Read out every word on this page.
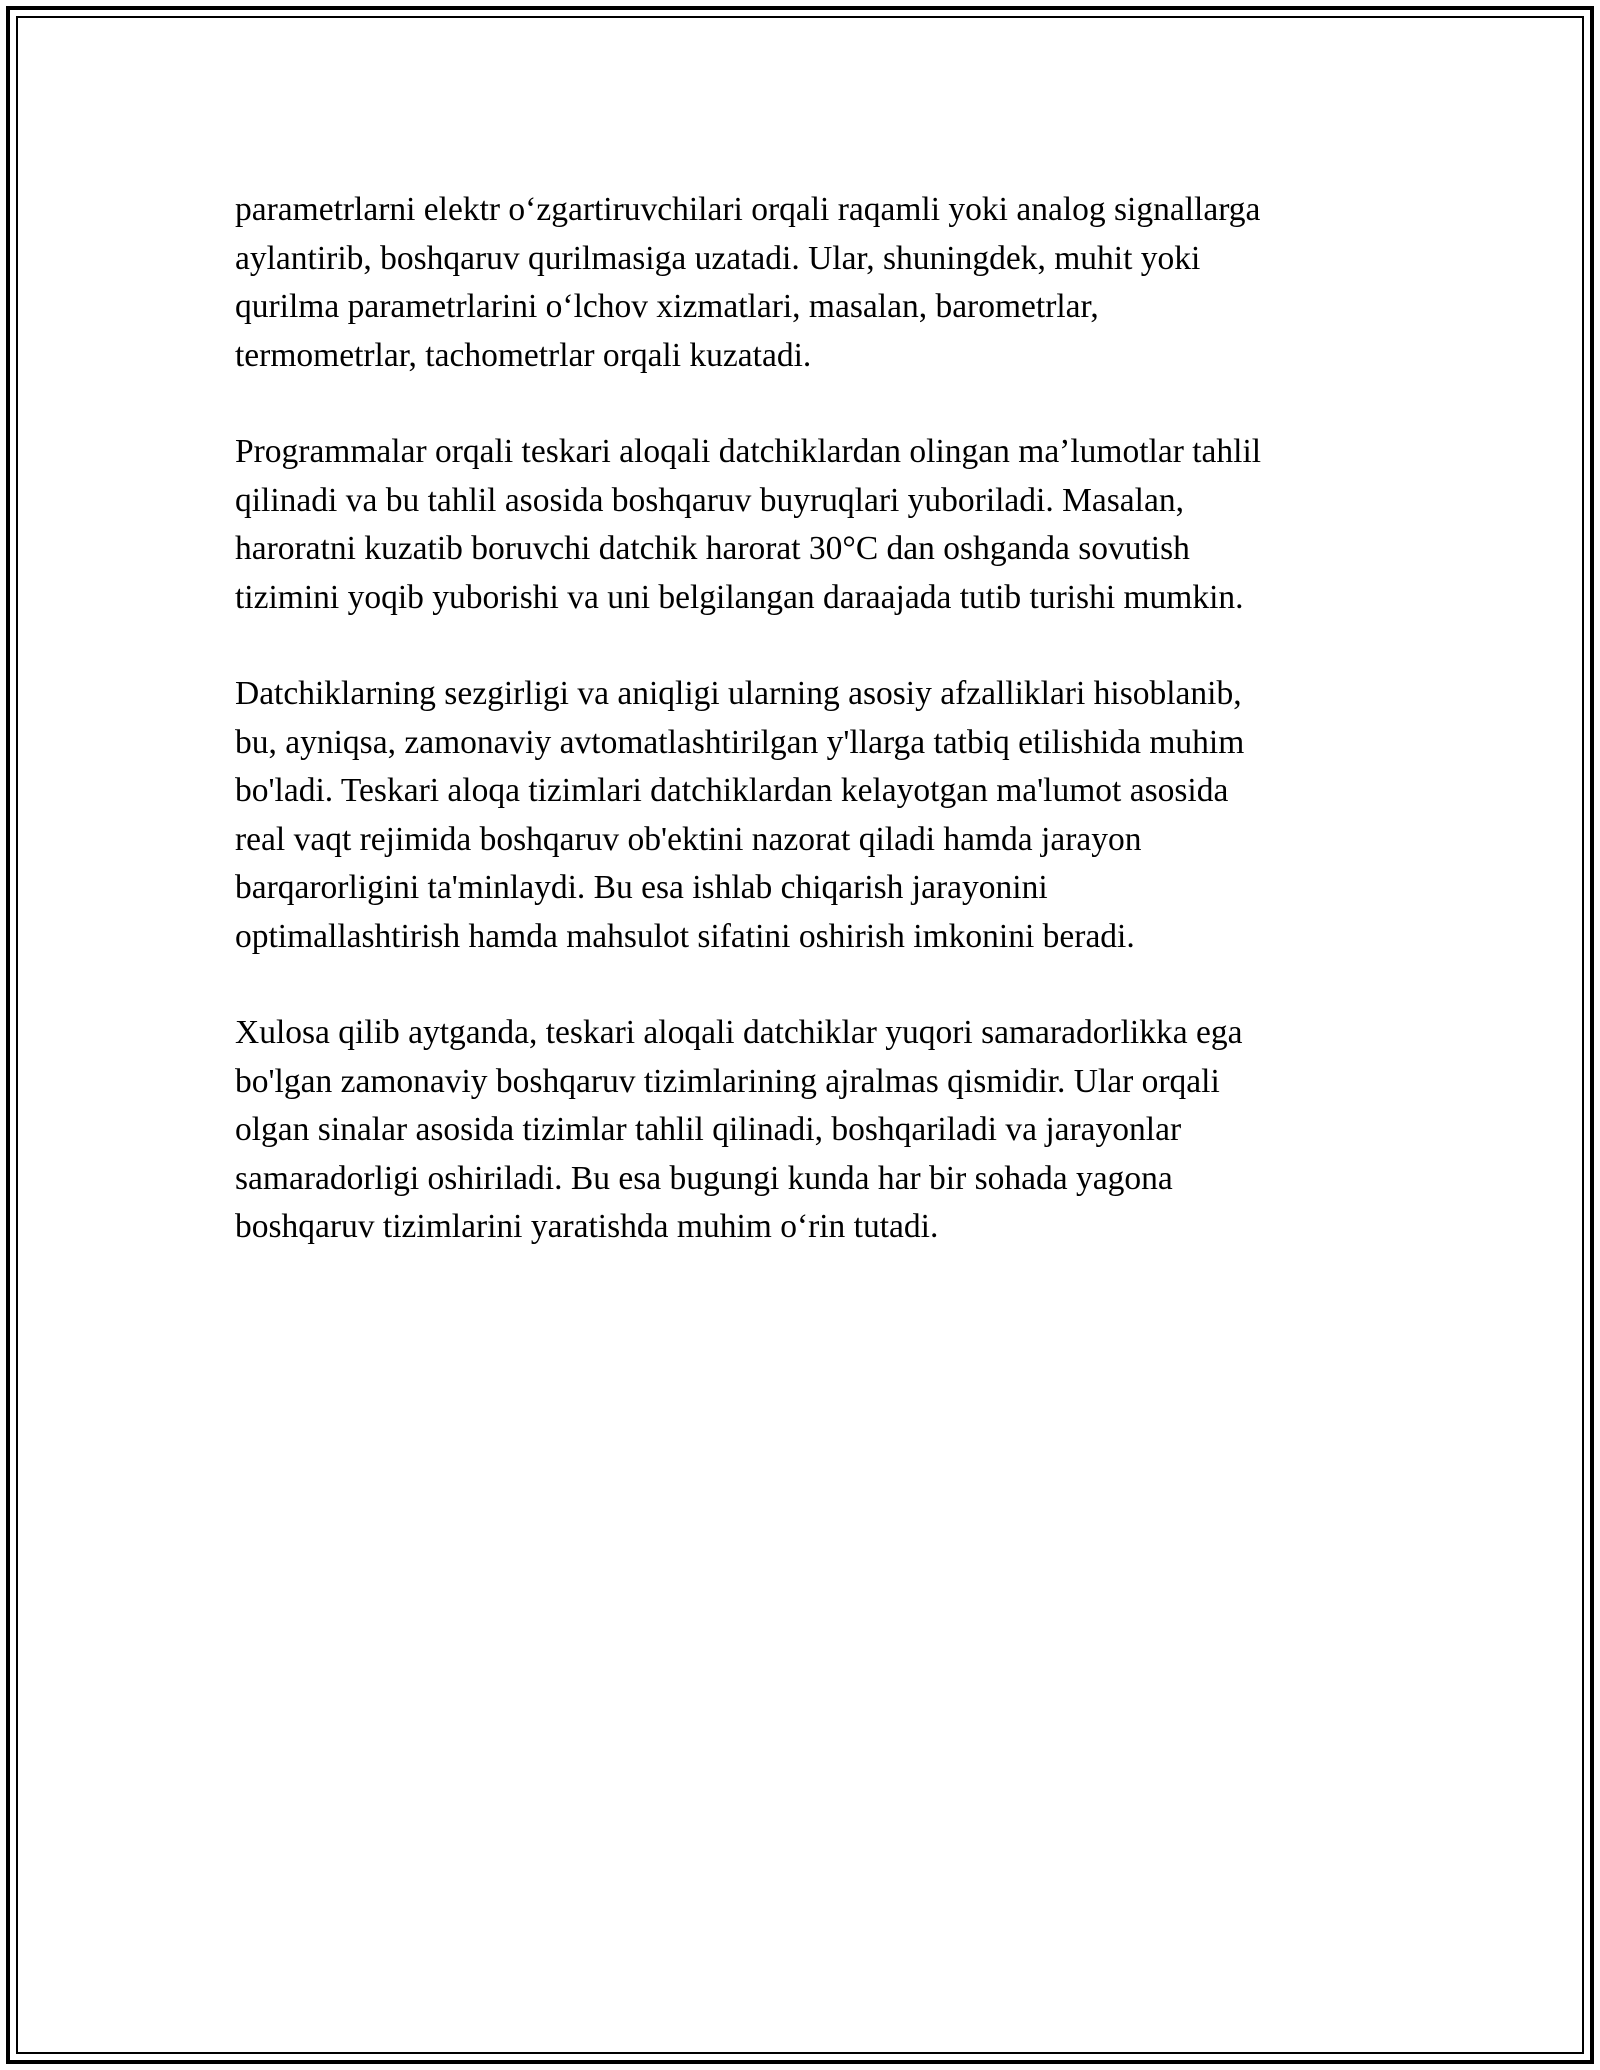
parametrlarni elektr o‘zgartiruvchilari orqali raqamli yoki analog signallarga
aylantirib, boshqaruv qurilmasiga uzatadi. Ular, shuningdek, muhit yoki
qurilma parametrlarini o‘lchov xizmatlari, masalan, barometrlar,
termometrlar, tachometrlar orqali kuzatadi.

Programmalar orqali teskari aloqali datchiklardan olingan ma’lumotlar tahlil
qilinadi va bu tahlil asosida boshqaruv buyruqlari yuboriladi. Masalan,
haroratni kuzatib boruvchi datchik harorat 30°C dan oshganda sovutish
tizimini yoqib yuborishi va uni belgilangan daraajada tutib turishi mumkin.

Datchiklarning sezgirligi va aniqligi ularning asosiy afzalliklari hisoblanib,
bu, ayniqsa, zamonaviy avtomatlashtirilgan y'llarga tatbiq etilishida muhim
bo'ladi. Teskari aloqa tizimlari datchiklardan kelayotgan ma'lumot asosida
real vaqt rejimida boshqaruv ob'ektini nazorat qiladi hamda jarayon
barqarorligini ta'minlaydi. Bu esa ishlab chiqarish jarayonini
optimallashtirish hamda mahsulot sifatini oshirish imkonini beradi.

Xulosa qilib aytganda, teskari aloqali datchiklar yuqori samaradorlikka ega
bo'lgan zamonaviy boshqaruv tizimlarining ajralmas qismidir. Ular orqali
olgan sinalar asosida tizimlar tahlil qilinadi, boshqariladi va jarayonlar
samaradorligi oshiriladi. Bu esa bugungi kunda har bir sohada yagona
boshqaruv tizimlarini yaratishda muhim o‘rin tutadi.
